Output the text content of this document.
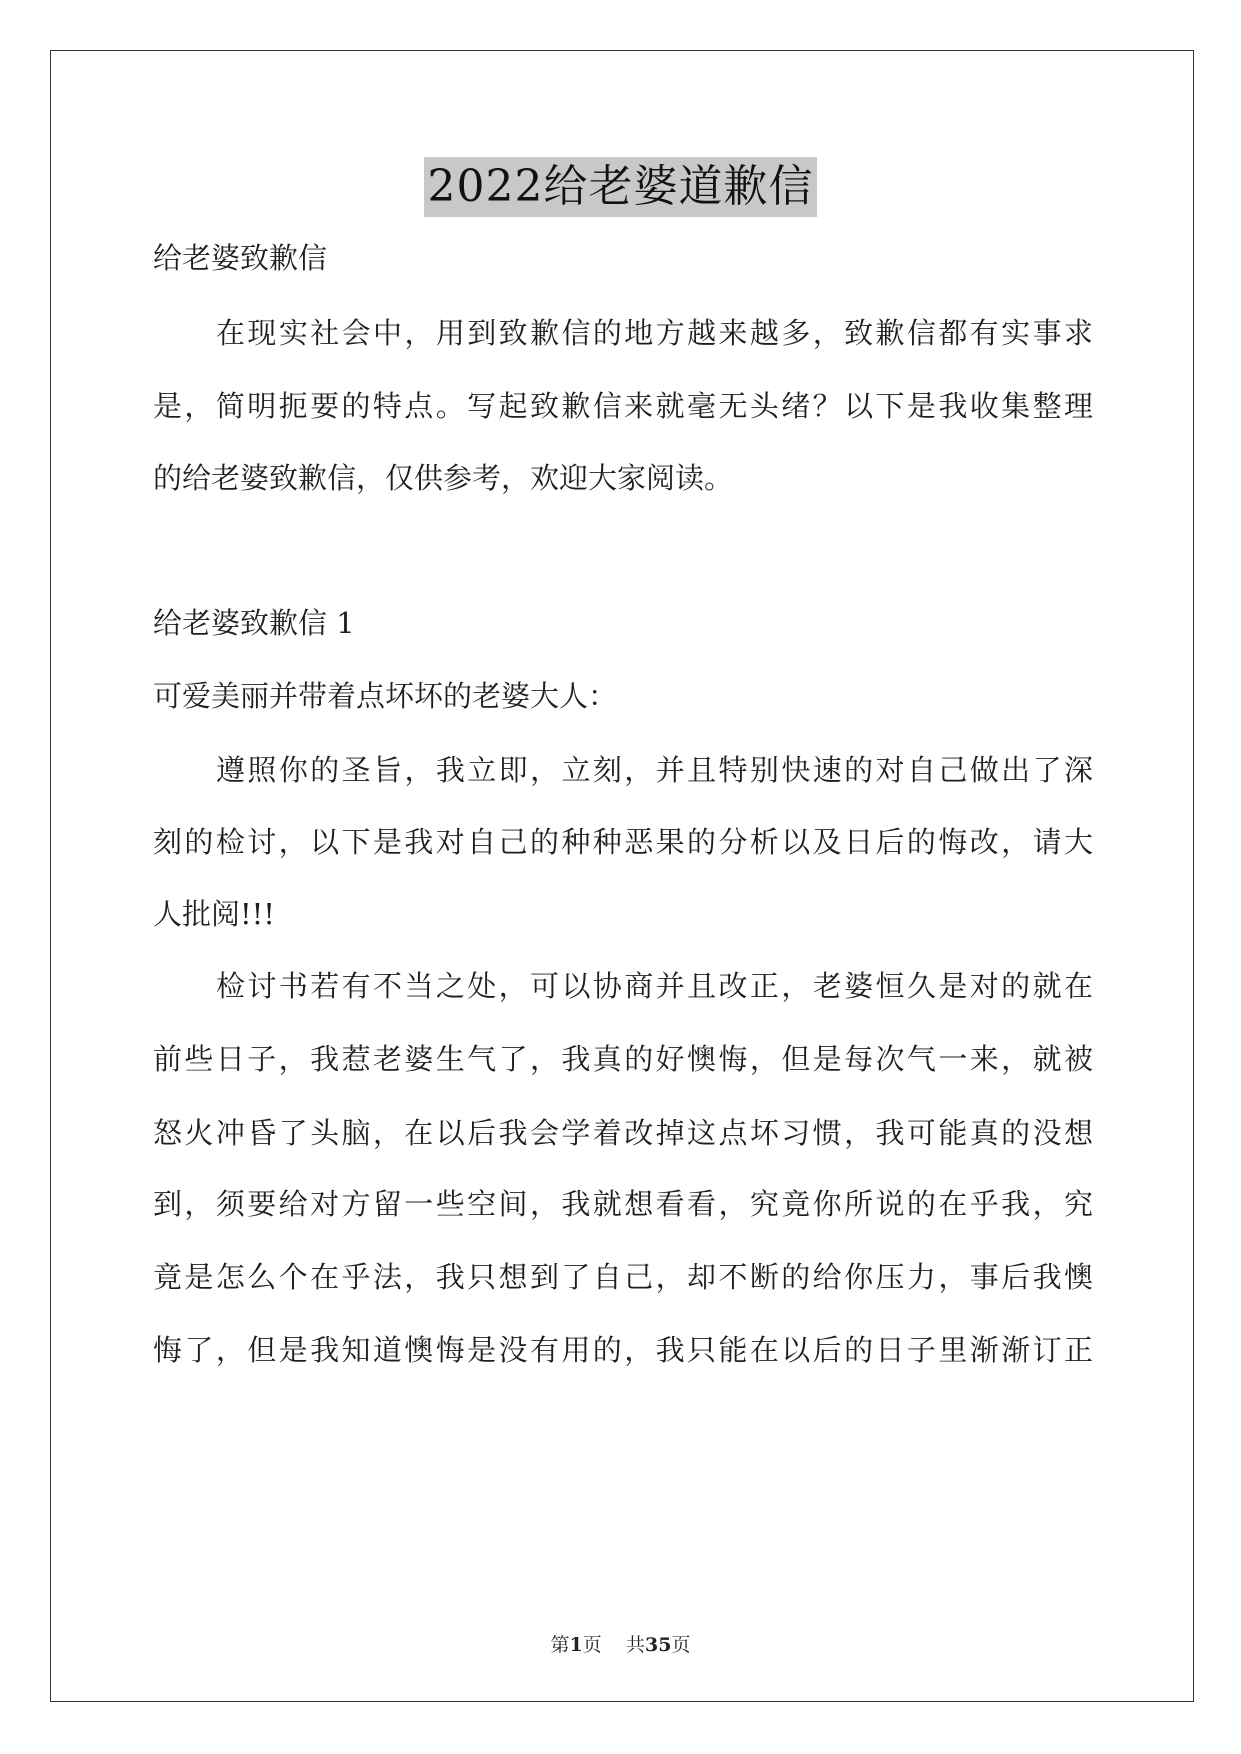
2022给老婆道歉信
给老婆致歉信
在现实社会中，用到致歉信的地方越来越多，致歉信都有实事求
是，简明扼要的特点。写起致歉信来就毫无头绪？以下是我收集整理
的给老婆致歉信，仅供参考，欢迎大家阅读。
给老婆致歉信 1
可爱美丽并带着点坏坏的老婆大人：
遵照你的圣旨，我立即，立刻，并且特别快速的对自己做出了深
刻的检讨，以下是我对自己的种种恶果的分析以及日后的悔改，请大
人批阅!!!
检讨书若有不当之处，可以协商并且改正，老婆恒久是对的就在
前些日子，我惹老婆生气了，我真的好懊悔，但是每次气一来，就被
怒火冲昏了头脑，在以后我会学着改掉这点坏习惯，我可能真的没想
到，须要给对方留一些空间，我就想看看，究竟你所说的在乎我，究
竟是怎么个在乎法，我只想到了自己，却不断的给你压力，事后我懊
悔了，但是我知道懊悔是没有用的，我只能在以后的日子里渐渐订正
第1页 共35页
